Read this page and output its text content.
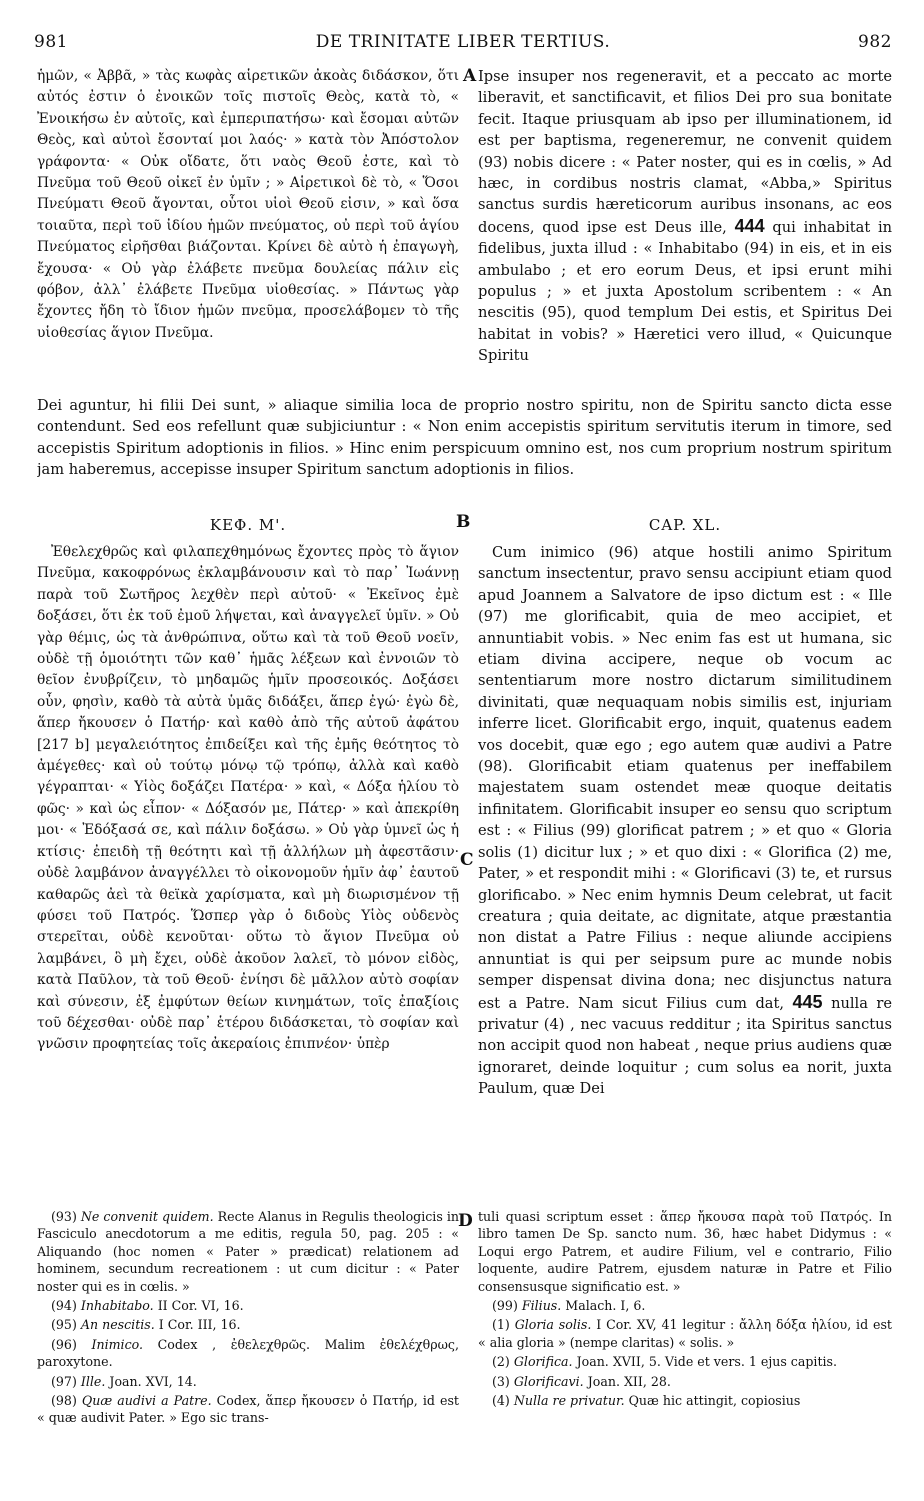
981	DE TRINITATE LIBER TERTIUS.	982
A
B
C
D

ἡμῶν, « Ἀββᾶ, » τὰς κωφὰς αἱρετικῶν ἀκοὰς διδάσκον, ὅτι αὐτός ἐστιν ὁ ἐνοικῶν τοῖς πιστοῖς Θεὸς, κατὰ τὸ, « Ἐνοικήσω ἐν αὐτοῖς, καὶ ἐμπεριπατήσω· καὶ ἔσομαι αὐτῶν Θεὸς, καὶ αὐτοὶ ἔσονταί μοι λαός· » κατὰ τὸν Ἀπόστολον γράφοντα· « Οὐκ οἴδατε, ὅτι ναὸς Θεοῦ ἐστε, καὶ τὸ Πνεῦμα τοῦ Θεοῦ οἰκεῖ ἐν ὑμῖν ; » Αἱρετικοὶ δὲ τὸ, « Ὅσοι Πνεύματι Θεοῦ ἄγονται, οὗτοι υἱοὶ Θεοῦ εἰσιν, » καὶ ὅσα τοιαῦτα, περὶ τοῦ ἰδίου ἡμῶν πνεύματος, οὐ περὶ τοῦ ἁγίου Πνεύματος εἰρῆσθαι βιάζονται. Κρίνει δὲ αὐτὸ ἡ ἐπαγωγὴ, ἔχουσα· « Οὐ γὰρ ἐλάβετε πνεῦμα δουλείας πάλιν εἰς φόβον, ἀλλ᾽ ἐλάβετε Πνεῦμα υἱοθεσίας. » Πάντως γὰρ ἔχοντες ἤδη τὸ ἴδιον ἡμῶν πνεῦμα, προσελάβομεν τὸ τῆς υἱοθεσίας ἅγιον Πνεῦμα.

Ipse insuper nos regeneravit, et a peccato ac morte liberavit, et sanctificavit, et filios Dei pro sua bonitate fecit. Itaque priusquam ab ipso per illuminationem, id est per baptisma, regeneremur, ne convenit quidem (93) nobis dicere : « Pater noster, qui es in cœlis, » Ad hæc, in cordibus nostris clamat, «Abba,» Spiritus sanctus surdis hæreticorum auribus insonans, ac eos docens, quod ipse est Deus ille, 444 qui inhabitat in fidelibus, juxta illud : « Inhabitabo (94) in eis, et in eis ambulabo ; et ero eorum Deus, et ipsi erunt mihi populus ; » et juxta Apostolum scribentem : « An nescitis (95), quod templum Dei estis, et Spiritus Dei habitat in vobis? » Hæretici vero illud, « Quicunque Spiritu

Dei aguntur, hi filii Dei sunt, » aliaque similia loca de proprio nostro spiritu, non de Spiritu sancto dicta esse contendunt. Sed eos refellunt quæ subjiciuntur : « Non enim accepistis spiritum servitutis iterum in timore, sed accepistis Spiritum adoptionis in filios. » Hinc enim perspicuum omnino est, nos cum proprium nostrum spiritum jam haberemus, accepisse insuper Spiritum sanctum adoptionis in filios.

ΚΕΦ. Μ'.	CAP. XL.

Ἐθελεχθρῶς καὶ φιλαπεχθημόνως ἔχοντες πρὸς τὸ ἅγιον Πνεῦμα, κακοφρόνως ἐκλαμβάνουσιν καὶ τὸ παρ᾽ Ἰωάννῃ παρὰ τοῦ Σωτῆρος λεχθὲν περὶ αὐτοῦ· « Ἐκεῖνος ἐμὲ δοξάσει, ὅτι ἐκ τοῦ ἐμοῦ λήψεται, καὶ ἀναγγελεῖ ὑμῖν. » Οὐ γὰρ θέμις, ὡς τὰ ἀνθρώπινα, οὕτω καὶ τὰ τοῦ Θεοῦ νοεῖν, οὐδὲ τῇ ὁμοιότητι τῶν καθ᾽ ἡμᾶς λέξεων καὶ ἐννοιῶν τὸ θεῖον ἐνυβρίζειν, τὸ μηδαμῶς ἡμῖν προσεοικός. Δοξάσει οὖν, φησὶν, καθὸ τὰ αὐτὰ ὑμᾶς διδάξει, ἅπερ ἐγώ· ἐγὼ δὲ, ἅπερ ἤκουσεν ὁ Πατήρ· καὶ καθὸ ἀπὸ τῆς αὐτοῦ ἀφάτου [217 b] μεγαλειότητος ἐπιδείξει καὶ τῆς ἐμῆς θεότητος τὸ ἀμέγεθες· καὶ οὐ τούτῳ μόνῳ τῷ τρόπῳ, ἀλλὰ καὶ καθὸ γέγραπται· « Υἱὸς δοξάζει Πατέρα· » καὶ, « Δόξα ἡλίου τὸ φῶς· » καὶ ὡς εἶπον· « Δόξασόν με, Πάτερ· » καὶ ἀπεκρίθη μοι· « Ἐδόξασά σε, καὶ πάλιν δοξάσω. » Οὐ γὰρ ὑμνεῖ ὡς ἡ κτίσις· ἐπειδὴ τῇ θεότητι καὶ τῇ ἀλλήλων μὴ ἀφεστᾶσιν· οὐδὲ λαμβάνον ἀναγγέλλει τὸ οἰκονομοῦν ἡμῖν ἀφ᾽ ἑαυτοῦ καθαρῶς ἀεὶ τὰ θεϊκὰ χαρίσματα, καὶ μὴ διωρισμένον τῇ φύσει τοῦ Πατρός. Ὥσπερ γὰρ ὁ διδοὺς Υἱὸς οὐδενὸς στερεῖται, οὐδὲ κενοῦται· οὕτω τὸ ἅγιον Πνεῦμα οὐ λαμβάνει, ὃ μὴ ἔχει, οὐδὲ ἀκοῦον λαλεῖ, τὸ μόνον εἰδὸς, κατὰ Παῦλον, τὰ τοῦ Θεοῦ· ἐνίησι δὲ μᾶλλον αὐτὸ σοφίαν καὶ σύνεσιν, ἐξ ἐμφύτων θείων κινημάτων, τοῖς ἐπαξίοις τοῦ δέχεσθαι· οὐδὲ παρ᾽ ἑτέρου διδάσκεται, τὸ σοφίαν καὶ γνῶσιν προφητείας τοῖς ἀκεραίοις ἐπιπνέον· ὑπὲρ

Cum inimico (96) atque hostili animo Spiritum sanctum insectentur, pravo sensu accipiunt etiam quod apud Joannem a Salvatore de ipso dictum est : « Ille (97) me glorificabit, quia de meo accipiet, et annuntiabit vobis. » Nec enim fas est ut humana, sic etiam divina accipere, neque ob vocum ac sententiarum more nostro dictarum similitudinem divinitati, quæ nequaquam nobis similis est, injuriam inferre licet. Glorificabit ergo, inquit, quatenus eadem vos docebit, quæ ego ; ego autem quæ audivi a Patre (98). Glorificabit etiam quatenus per ineffabilem majestatem suam ostendet meæ quoque deitatis infinitatem. Glorificabit insuper eo sensu quo scriptum est : « Filius (99) glorificat patrem ; » et quo « Gloria solis (1) dicitur lux ; » et quo dixi : « Glorifica (2) me, Pater, » et respondit mihi : « Glorificavi (3) te, et rursus glorificabo. » Nec enim hymnis Deum celebrat, ut facit creatura ; quia deitate, ac dignitate, atque præstantia non distat a Patre Filius : neque aliunde accipiens annuntiat is qui per seipsum pure ac munde nobis semper dispensat divina dona; nec disjunctus natura est a Patre. Nam sicut Filius cum dat, 445 nulla re privatur (4) , nec vacuus redditur ; ita Spiritus sanctus non accipit quod non habeat , neque prius audiens quæ ignoraret, deinde loquitur ; cum solus ea norit, juxta Paulum, quæ Dei

(93) Ne convenit quidem. Recte Alanus in Regulis theologicis in Fasciculo anecdotorum a me editis, regula 50, pag. 205 : « Aliquando (hoc nomen « Pater » prædicat) relationem ad hominem, secundum recreationem : ut cum dicitur : « Pater noster qui es in cœlis. »

(94) Inhabitabo. II Cor. VI, 16.

(95) An nescitis. I Cor. III, 16.

(96) Inimico. Codex , ἐθελεχθρῶς. Malim ἐθελέχθρως, paroxytone.

(97) Ille. Joan. XVI, 14.

(98) Quæ audivi a Patre. Codex, ἅπερ ἤκουσεν ὁ Πατήρ, id est « quæ audivit Pater. » Ego sic trans-

tuli quasi scriptum esset : ἅπερ ἤκουσα παρὰ τοῦ Πατρός. In libro tamen De Sp. sancto num. 36, hæc habet Didymus : « Loqui ergo Patrem, et audire Filium, vel e contrario, Filio loquente, audire Patrem, ejusdem naturæ in Patre et Filio consensusque significatio est. »

(99) Filius. Malach. I, 6.

(1) Gloria solis. I Cor. XV, 41 legitur : ἄλλη δόξα ἡλίου, id est « alia gloria » (nempe claritas) « solis. »

(2) Glorifica. Joan. XVII, 5. Vide et vers. 1 ejus capitis.

(3) Glorificavi. Joan. XII, 28.

(4) Nulla re privatur. Quæ hic attingit, copiosius
